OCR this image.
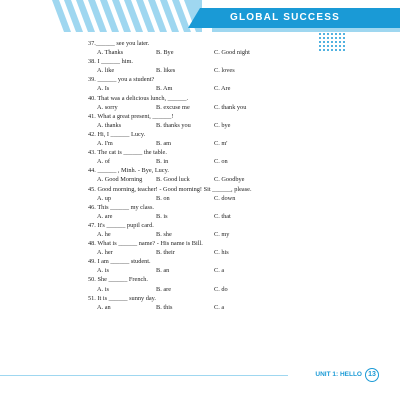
GLOBAL SUCCESS
37.______ see you later.
A. Thanks	B. Bye	C. Good night
38. I ______ him.
A. like	B. likes	C. loves
39. ______ you a student?
A. Is	B. Am	C. Are
40. That was a delicious lunch, ______.
A. sorry	B. excuse me	C. thank you
41. What a great present, ______!
A. thanks	B. thanks you	C. bye
42. Hi, I ______ Lucy.
A. I'm	B. am	C. m'
43. The cat is ______ the table.
A. of	B. in	C. on
44. ______ , Minh. - Bye, Lucy.
A. Good Morning B. Good luck	C. Goodbye
45. Good morning, teacher! - Good morning! Sit ______, please.
A. up	B. on	C. down
46. This ______ my class.
A. are	B. is	C. that
47. It's ______ pupil card.
A. he	B. she	C. my
48. What is ______ name? - His name is Bill.
A. her	B. their	C. his
49. I am ______ student.
A. is	B. an	C. a
50. She ______ French.
A. is	B. are	C. do
51. It is ______ sunny day.
A. an	B. this	C. a
UNIT 1: HELLO 13
